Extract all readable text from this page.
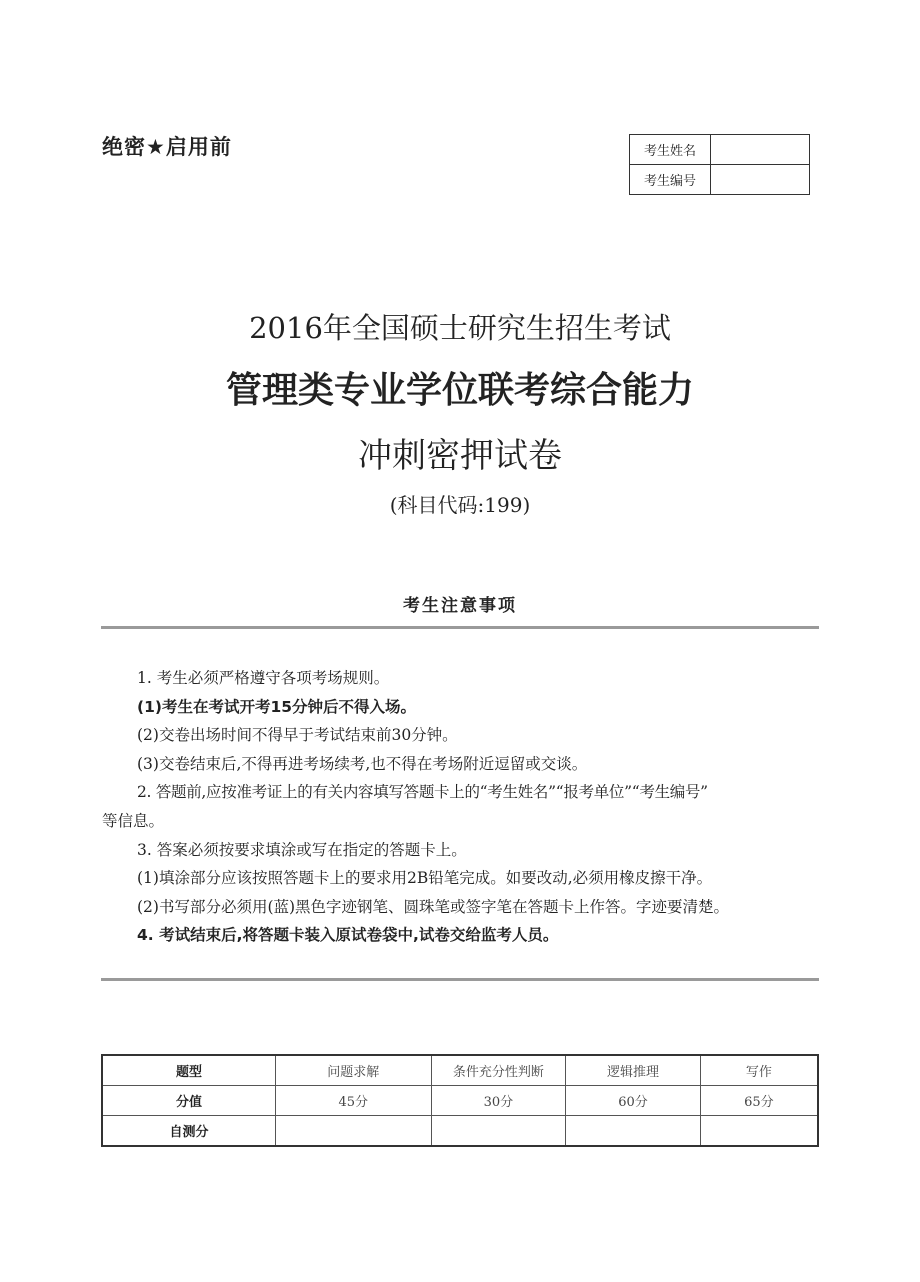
绝密★启用前	考生姓名	
考生编号	
2016年全国硕士研究生招生考试
管理类专业学位联考综合能力
冲刺密押试卷
(科目代码:199)
考生注意事项
1. 考生必须严格遵守各项考场规则。
(1)考生在考试开考15分钟后不得入场。
(2)交卷出场时间不得早于考试结束前30分钟。
(3)交卷结束后,不得再进考场续考,也不得在考场附近逗留或交谈。
2. 答题前,应按准考证上的有关内容填写答题卡上的“考生姓名”“报考单位”“考生编号”
等信息。
3. 答案必须按要求填涂或写在指定的答题卡上。
(1)填涂部分应该按照答题卡上的要求用2B铅笔完成。如要改动,必须用橡皮擦干净。
(2)书写部分必须用(蓝)黑色字迹钢笔、圆珠笔或签字笔在答题卡上作答。字迹要清楚。
4. 考试结束后,将答题卡装入原试卷袋中,试卷交给监考人员。
题型	问题求解	条件充分性判断	逻辑推理	写作
分值	45分	30分	60分	65分
自测分				
